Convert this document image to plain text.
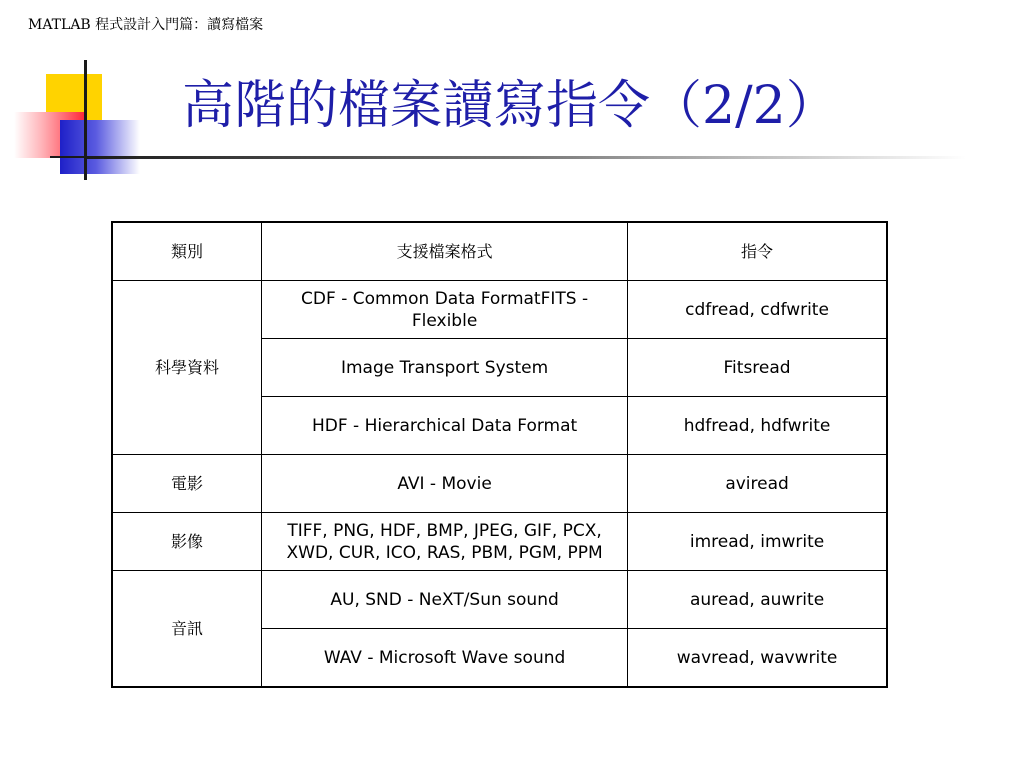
MATLAB 程式設計入門篇：讀寫檔案
高階的檔案讀寫指令（2/2）
類別	支援檔案格式	指令
科學資料	CDF - Common Data FormatFITS - Flexible	cdfread, cdfwrite
	Image Transport System	Fitsread
	HDF - Hierarchical Data Format	hdfread, hdfwrite
電影	AVI - Movie	aviread
影像	TIFF, PNG, HDF, BMP, JPEG, GIF, PCX, XWD, CUR, ICO, RAS, PBM, PGM, PPM	imread, imwrite
音訊	AU, SND - NeXT/Sun sound	auread, auwrite
	WAV - Microsoft Wave sound	wavread, wavwrite
